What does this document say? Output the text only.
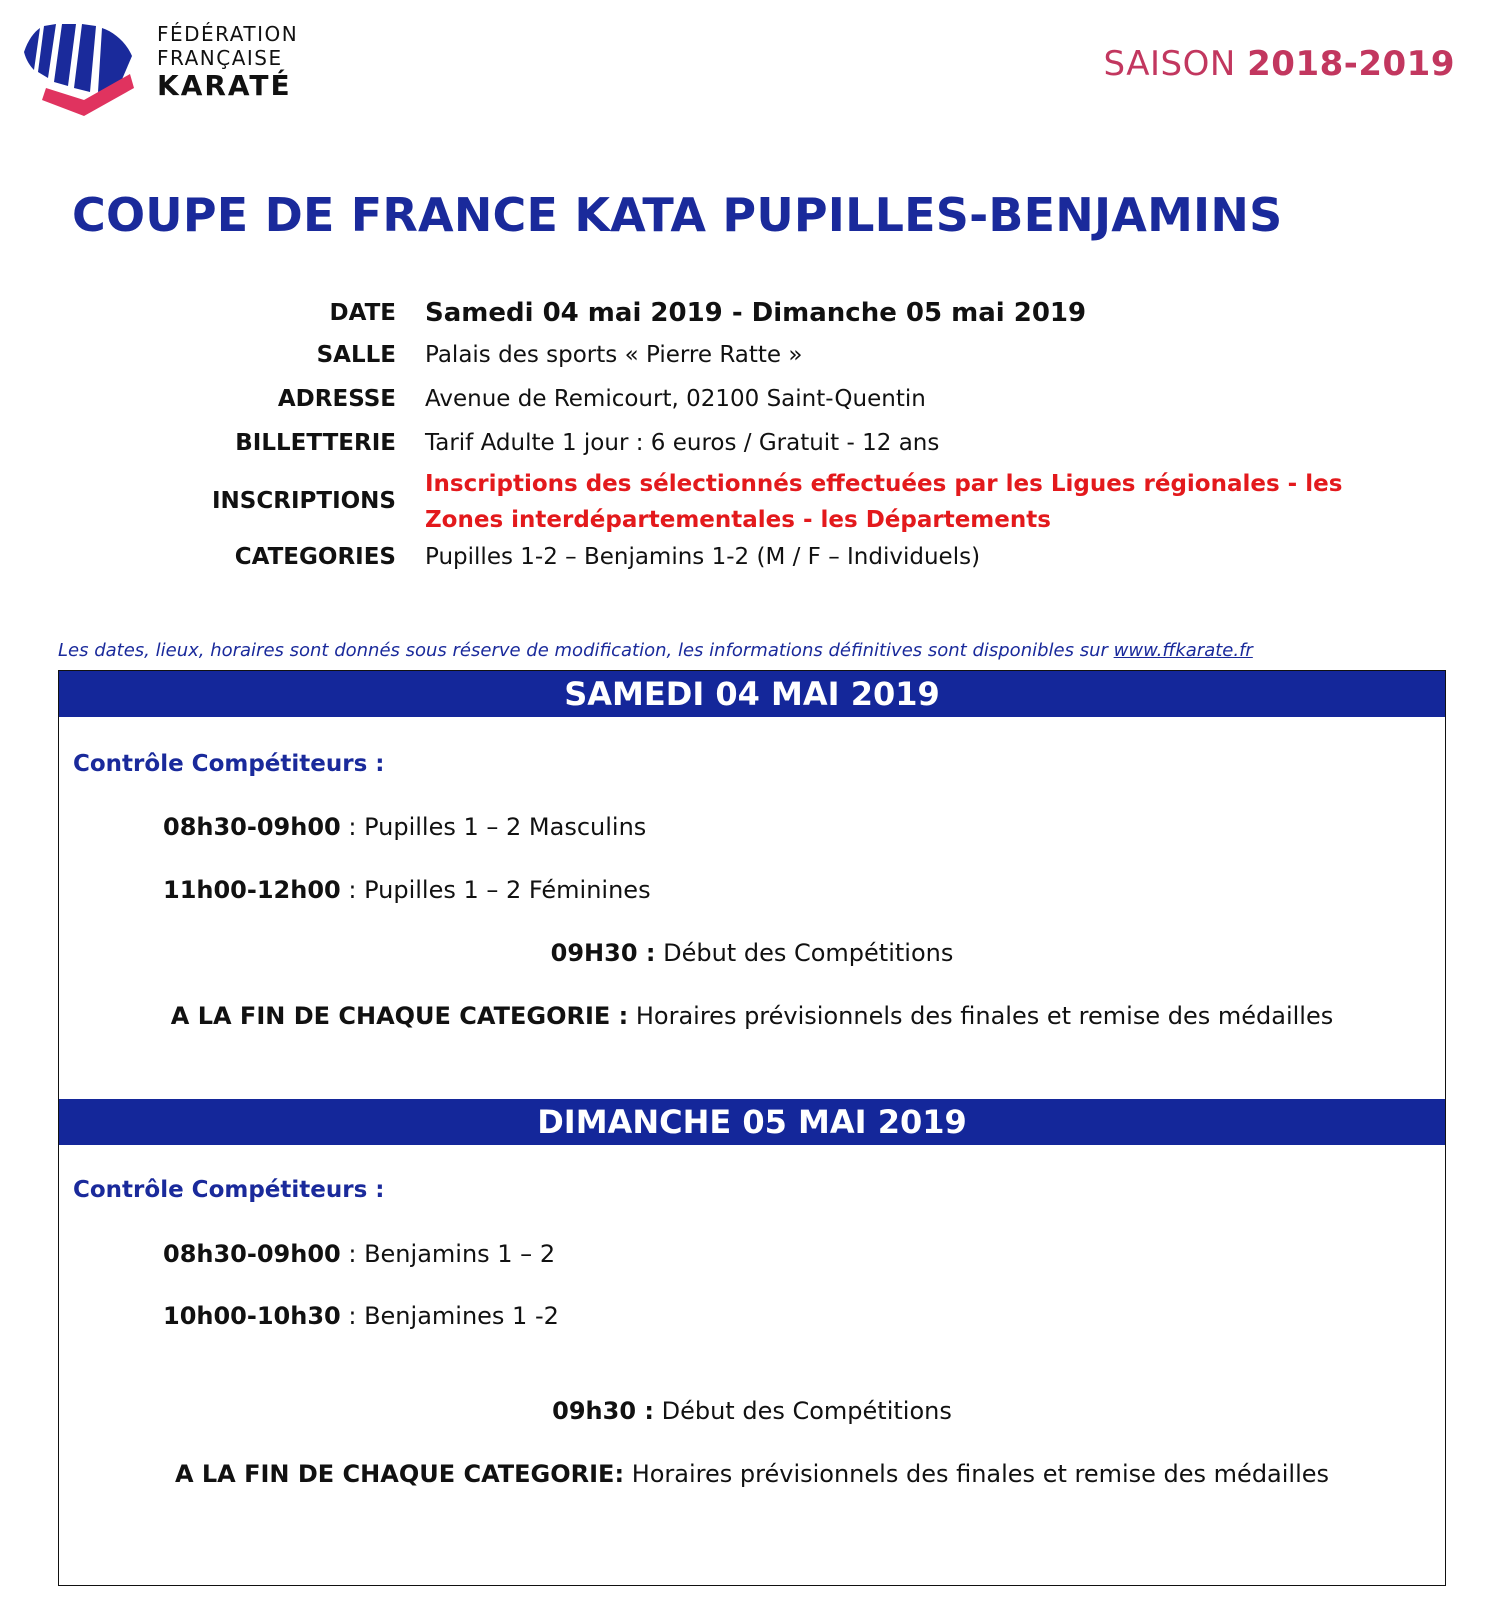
FÉDÉRATION
FRANÇAISE
KARATÉ
SAISON 2018-2019
COUPE DE FRANCE KATA PUPILLES-BENJAMINS
DATE Samedi 04 mai 2019 - Dimanche 05 mai 2019
SALLE Palais des sports « Pierre Ratte »
ADRESSE Avenue de Remicourt, 02100 Saint-Quentin
BILLETTERIE Tarif Adulte 1 jour : 6 euros / Gratuit - 12 ans
INSCRIPTIONS
Inscriptions des sélectionnés effectuées par les Ligues régionales - les Zones interdépartementales - les Départements
CATEGORIES Pupilles 1-2 – Benjamins 1-2 (M / F – Individuels)
Les dates, lieux, horaires sont donnés sous réserve de modification, les informations définitives sont disponibles sur www.ffkarate.fr
SAMEDI 04 MAI 2019
Contrôle Compétiteurs :
08h30-09h00 : Pupilles 1 – 2 Masculins
11h00-12h00 : Pupilles 1 – 2 Féminines
09H30 : Début des Compétitions
A LA FIN DE CHAQUE CATEGORIE : Horaires prévisionnels des finales et remise des médailles
DIMANCHE 05 MAI 2019
Contrôle Compétiteurs :
08h30-09h00 : Benjamins 1 – 2
10h00-10h30 : Benjamines 1 -2
09h30 : Début des Compétitions
A LA FIN DE CHAQUE CATEGORIE: Horaires prévisionnels des finales et remise des médailles
